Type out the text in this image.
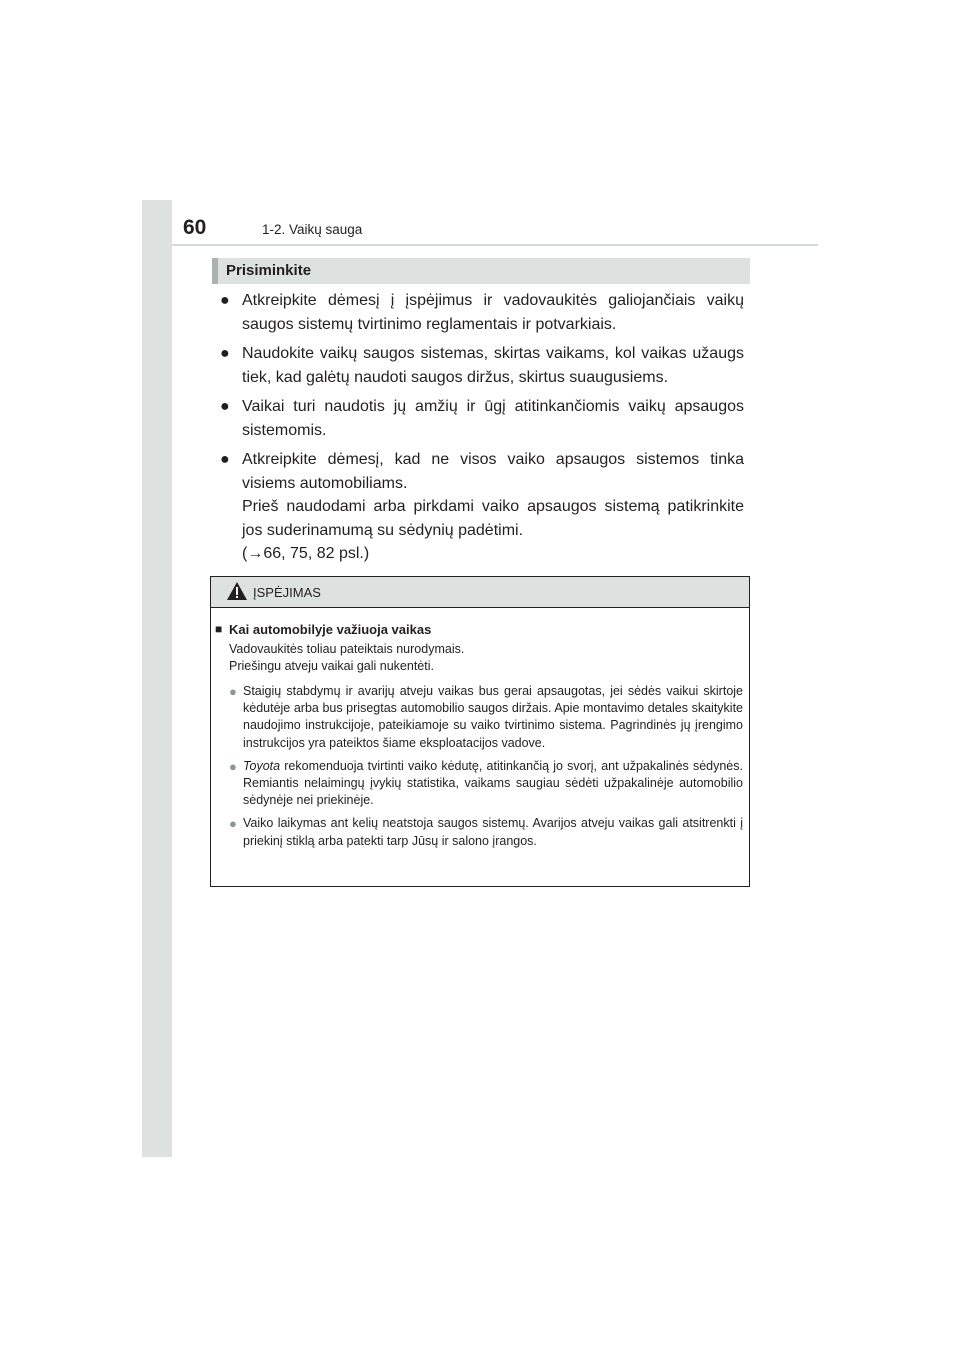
60	1-2. Vaikų sauga
Prisiminkite
● Atkreipkite dėmesį į įspėjimus ir vadovaukitės galiojančiais vaikų saugos sistemų tvirtinimo reglamentais ir potvarkiais.

● Naudokite vaikų saugos sistemas, skirtas vaikams, kol vaikas užaugs tiek, kad galėtų naudoti saugos diržus, skirtus suaugusiems.

● Vaikai turi naudotis jų amžių ir ūgį atitinkančiomis vaikų apsaugos sistemomis.

● Atkreipkite dėmesį, kad ne visos vaiko apsaugos sistemos tinka visiems automobiliams.

Prieš naudodami arba pirkdami vaiko apsaugos sistemą patikrinkite jos suderinamumą su sėdynių padėtimi.

(→66, 75, 82 psl.)

ĮSPĖJIMAS
■ Kai automobilyje važiuoja vaikas
Vadovaukitės toliau pateiktais nurodymais.
Priešingu atveju vaikai gali nukentėti.
● Staigių stabdymų ir avarijų atveju vaikas bus gerai apsaugotas, jei sėdės vaikui skirtoje kėdutėje arba bus prisegtas automobilio saugos diržais. Apie montavimo detales skaitykite naudojimo instrukcijoje, pateikiamoje su vaiko tvirtinimo sistema. Pagrindinės jų įrengimo instrukcijos yra pateiktos šiame eksploatacijos vadove.
● Toyota rekomenduoja tvirtinti vaiko kėdutę, atitinkančią jo svorį, ant užpakalinės sėdynės. Remiantis nelaimingų įvykių statistika, vaikams saugiau sėdėti užpakalinėje automobilio sėdynėje nei priekinėje.
● Vaiko laikymas ant kelių neatstoja saugos sistemų. Avarijos atveju vaikas gali atsitrenkti į priekinį stiklą arba patekti tarp Jūsų ir salono įrangos.
